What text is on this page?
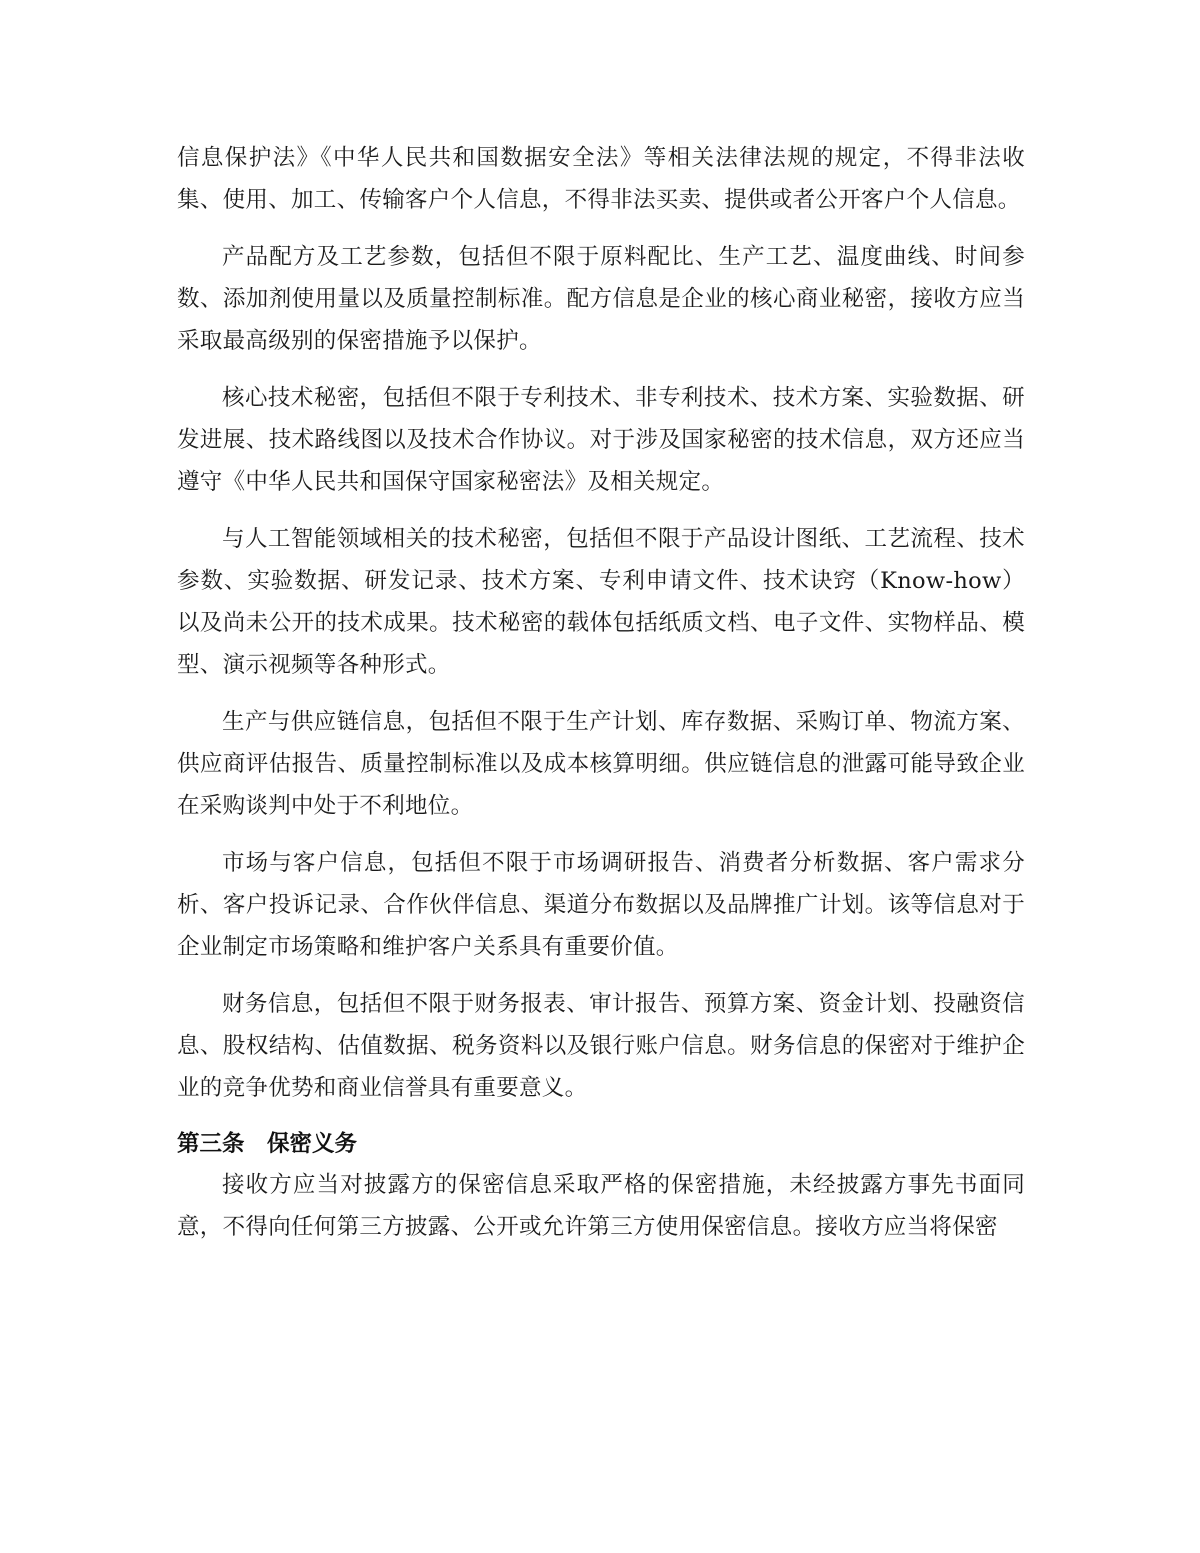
信息保护法》《中华人民共和国数据安全法》等相关法律法规的规定，不得非法收集、使用、加工、传输客户个人信息，不得非法买卖、提供或者公开客户个人信息。

产品配方及工艺参数，包括但不限于原料配比、生产工艺、温度曲线、时间参数、添加剂使用量以及质量控制标准。配方信息是企业的核心商业秘密，接收方应当采取最高级别的保密措施予以保护。

核心技术秘密，包括但不限于专利技术、非专利技术、技术方案、实验数据、研发进展、技术路线图以及技术合作协议。对于涉及国家秘密的技术信息，双方还应当遵守《中华人民共和国保守国家秘密法》及相关规定。

与人工智能领域相关的技术秘密，包括但不限于产品设计图纸、工艺流程、技术参数、实验数据、研发记录、技术方案、专利申请文件、技术诀窍（Know-how）以及尚未公开的技术成果。技术秘密的载体包括纸质文档、电子文件、实物样品、模型、演示视频等各种形式。

生产与供应链信息，包括但不限于生产计划、库存数据、采购订单、物流方案、供应商评估报告、质量控制标准以及成本核算明细。供应链信息的泄露可能导致企业在采购谈判中处于不利地位。

市场与客户信息，包括但不限于市场调研报告、消费者分析数据、客户需求分析、客户投诉记录、合作伙伴信息、渠道分布数据以及品牌推广计划。该等信息对于企业制定市场策略和维护客户关系具有重要价值。

财务信息，包括但不限于财务报表、审计报告、预算方案、资金计划、投融资信息、股权结构、估值数据、税务资料以及银行账户信息。财务信息的保密对于维护企业的竞争优势和商业信誉具有重要意义。

第三条　保密义务

接收方应当对披露方的保密信息采取严格的保密措施，未经披露方事先书面同意，不得向任何第三方披露、公开或允许第三方使用保密信息。接收方应当将保密
